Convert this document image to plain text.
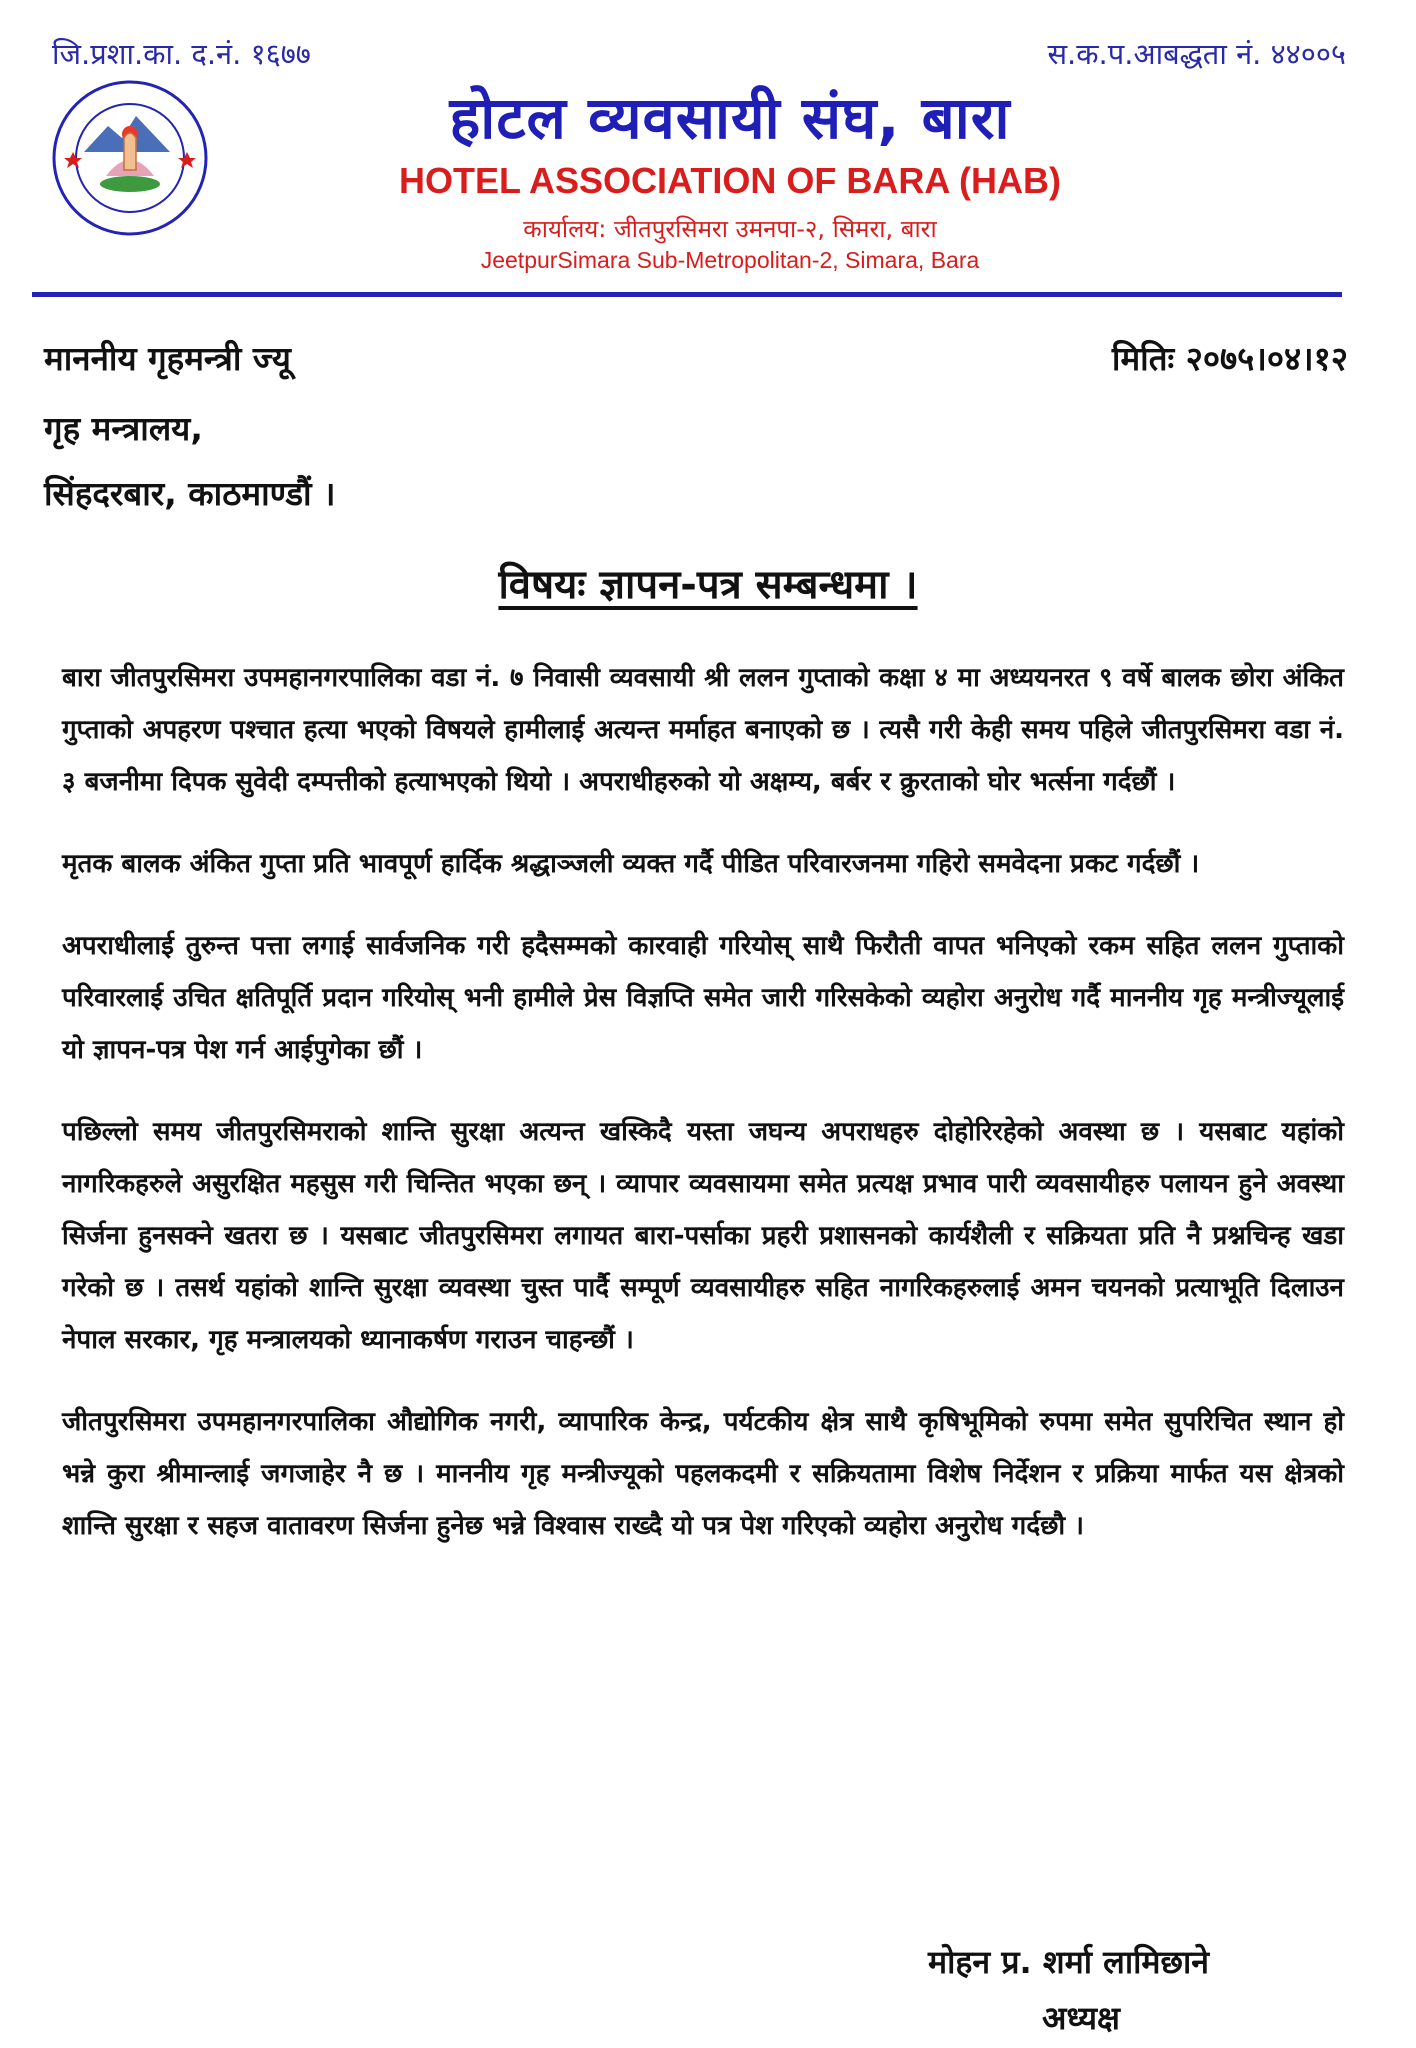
जि.प्रशा.का. द.नं. १६७७	स.क.प.आबद्धता नं. ४४००५
होटल व्यवसायी संघ, बारा
HOTEL ASSOCIATION OF BARA (HAB)
कार्यालय: जीतपुरसिमरा उमनपा-२, सिमरा, बारा
JeetpurSimara Sub-Metropolitan-2, Simara, Bara
माननीय गृहमन्त्री ज्यू
गृह मन्त्रालय,
सिंहदरबार, काठमाण्डौं ।
मितिः २०७५।०४।१२
विषयः ज्ञापन-पत्र सम्बन्धमा ।

बारा जीतपुरसिमरा उपमहानगरपालिका वडा नं. ७ निवासी व्यवसायी श्री ललन गुप्ताको कक्षा ४ मा अध्ययनरत ९ वर्षे बालक छोरा अंकित गुप्ताको अपहरण पश्चात हत्या भएको विषयले हामीलाई अत्यन्त मर्माहत बनाएको छ । त्यसै गरी केही समय पहिले जीतपुरसिमरा वडा नं. ३ बजनीमा दिपक सुवेदी दम्पत्तीको हत्याभएको थियो । अपराधीहरुको यो अक्षम्य, बर्बर र क्रुरताको घोर भर्त्सना गर्दछौं ।

मृतक बालक अंकित गुप्ता प्रति भावपूर्ण हार्दिक श्रद्धाञ्जली व्यक्त गर्दै पीडित परिवारजनमा गहिरो समवेदना प्रकट गर्दछौं ।

अपराधीलाई तुरुन्त पत्ता लगाई सार्वजनिक गरी हदैसम्मको कारवाही गरियोस् साथै फिरौती वापत भनिएको रकम सहित ललन गुप्ताको परिवारलाई उचित क्षतिपूर्ति प्रदान गरियोस् भनी हामीले प्रेस विज्ञप्ति समेत जारी गरिसकेको व्यहोरा अनुरोध गर्दै माननीय गृह मन्त्रीज्यूलाई यो ज्ञापन-पत्र पेश गर्न आईपुगेका छौं ।

पछिल्लो समय जीतपुरसिमराको शान्ति सुरक्षा अत्यन्त खस्किदै यस्ता जघन्य अपराधहरु दोहोरिरहेको अवस्था छ । यसबाट यहांको नागरिकहरुले असुरक्षित महसुस गरी चिन्तित भएका छन् । व्यापार व्यवसायमा समेत प्रत्यक्ष प्रभाव पारी व्यवसायीहरु पलायन हुने अवस्था सिर्जना हुनसक्ने खतरा छ । यसबाट जीतपुरसिमरा लगायत बारा-पर्साका प्रहरी प्रशासनको कार्यशैली र सक्रियता प्रति नै प्रश्नचिन्ह खडा गरेको छ । तसर्थ यहांको शान्ति सुरक्षा व्यवस्था चुस्त पार्दै सम्पूर्ण व्यवसायीहरु सहित नागरिकहरुलाई अमन चयनको प्रत्याभूति दिलाउन नेपाल सरकार, गृह मन्त्रालयको ध्यानाकर्षण गराउन चाहन्छौं ।

जीतपुरसिमरा उपमहानगरपालिका औद्योगिक नगरी, व्यापारिक केन्द्र, पर्यटकीय क्षेत्र साथै कृषिभूमिको रुपमा समेत सुपरिचित स्थान हो भन्ने कुरा श्रीमान्लाई जगजाहेर नै छ । माननीय गृह मन्त्रीज्यूको पहलकदमी र सक्रियतामा विशेष निर्देशन र प्रक्रिया मार्फत यस क्षेत्रको शान्ति सुरक्षा र सहज वातावरण सिर्जना हुनेछ भन्ने विश्वास राख्दै यो पत्र पेश गरिएको व्यहोरा अनुरोध गर्दछौ ।

मोहन प्र. शर्मा लामिछाने
अध्यक्ष
